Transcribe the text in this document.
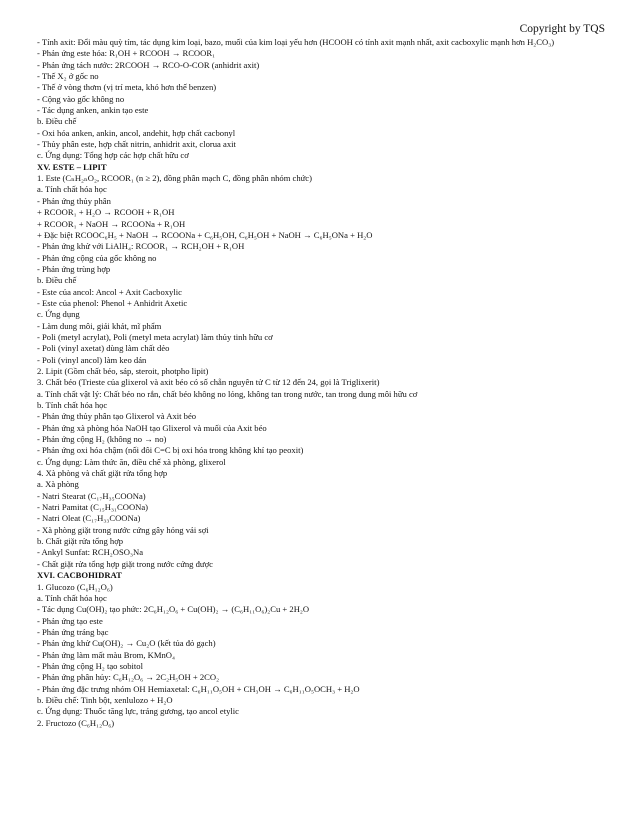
Copyright by TQS
- Tính axit: Đổi màu quỳ tím, tác dụng kim loại, bazo, muối của kim loại yếu hơn (HCOOH có tính axit mạnh nhất, axit cacboxylic mạnh hơn H₂CO₃)
- Phản ứng este hóa: R₁OH + RCOOH → RCOOR₁
- Phản ứng tách nước: 2RCOOH → RCO-O-COR (anhidrit axit)
- Thế X₂ ở gốc no
- Thế ở vòng thơm (vị trí meta, khó hơn thế benzen)
- Cộng vào gốc không no
- Tác dụng anken, ankin tạo este
b. Điều chế
- Oxi hóa anken, ankin, ancol, andehit, hợp chất cacbonyl
- Thủy phân este, hợp chất nitrin, anhidrit axit, clorua axit
c. Ứng dụng: Tổng hợp các hợp chất hữu cơ
XV. ESTE – LIPIT
1. Este (CₙH₂ₙO₂, RCOOR₁ (n ≥ 2), đồng phân mạch C, đồng phân nhóm chức)
a. Tính chất hóa học
- Phản ứng thủy phân
+ RCOOR₁ + H₂O → RCOOH + R₁OH
+ RCOOR₁ + NaOH → RCOONa + R₁OH
+ Đặc biệt RCOOC₆H₅ + NaOH → RCOONa + C₆H₅OH, C₆H₅OH + NaOH → C₆H₅ONa + H₂O
- Phản ứng khử với LiAlH₄: RCOOR₁ → RCH₂OH + R₁OH
- Phản ứng cộng của gốc không no
- Phản ứng trùng hợp
b. Điều chế
- Este của ancol: Ancol + Axit Cacboxylic
- Este của phenol: Phenol + Anhidrit Axetic
c. Ứng dụng
- Làm dung môi, giải khát, mĩ phẩm
- Poli (metyl acrylat), Poli (metyl meta acrylat) làm thủy tinh hữu cơ
- Poli (vinyl axetat) dùng làm chất dẻo
- Poli (vinyl ancol) làm keo dán
2. Lipit (Gồm chất béo, sáp, steroit, photpho lipit)
3. Chất béo (Trieste của glixerol và axit béo có số chẵn nguyên tử C từ 12 đến 24, gọi là Triglixerit)
a. Tính chất vật lý: Chất béo no rắn, chất béo không no lỏng, không tan trong nước, tan trong dung môi hữu cơ
b. Tính chất hóa học
- Phản ứng thủy phân tạo Glixerol và Axit béo
- Phản ứng xà phòng hóa NaOH tạo Glixerol và muối của Axit béo
- Phản ứng cộng H₂ (không no → no)
- Phản ứng oxi hóa chậm (nối đôi C=C bị oxi hóa trong không khí tạo peoxit)
c. Ứng dụng: Làm thức ăn, điều chế xà phòng, glixerol
4. Xà phòng và chất giặt rửa tổng hợp
a. Xà phòng
- Natri Stearat (C₁₇H₃₅COONa)
- Natri Pamitat (C₁₅H₃₁COONa)
- Natri Oleat (C₁₇H₃₃COONa)
- Xà phòng giặt trong nước cứng gây hỏng vải sợi
b. Chất giặt rửa tổng hợp
- Ankyl Sunfat: RCH₂OSO₃Na
- Chất giặt rửa tổng hợp giặt trong nước cứng được
XVI. CACBOHIDRAT
1. Glucozo (C₆H₁₂O₆)
a. Tính chất hóa học
- Tác dụng Cu(OH)₂ tạo phức: 2C₆H₁₂O₆ + Cu(OH)₂ → (C₆H₁₁O₆)₂Cu + 2H₂O
- Phản ứng tạo este
- Phản ứng tráng bạc
- Phản ứng khử Cu(OH)₂ → Cu₂O (kết tủa đỏ gạch)
- Phản ứng làm mất màu Brom, KMnO₄
- Phản ứng cộng H₂ tạo sobitol
- Phản ứng phân hủy: C₆H₁₂O₆ → 2C₂H₅OH + 2CO₂
- Phản ứng đặc trưng nhóm OH Hemiaxetal: C₆H₁₁O₅OH + CH₃OH → C₆H₁₁O₅OCH₃ + H₂O
b. Điều chế: Tinh bột, xenlulozo + H₂O
c. Ứng dụng: Thuốc tăng lực, tráng gương, tạo ancol etylic
2. Fructozo (C₆H₁₂O₆)
